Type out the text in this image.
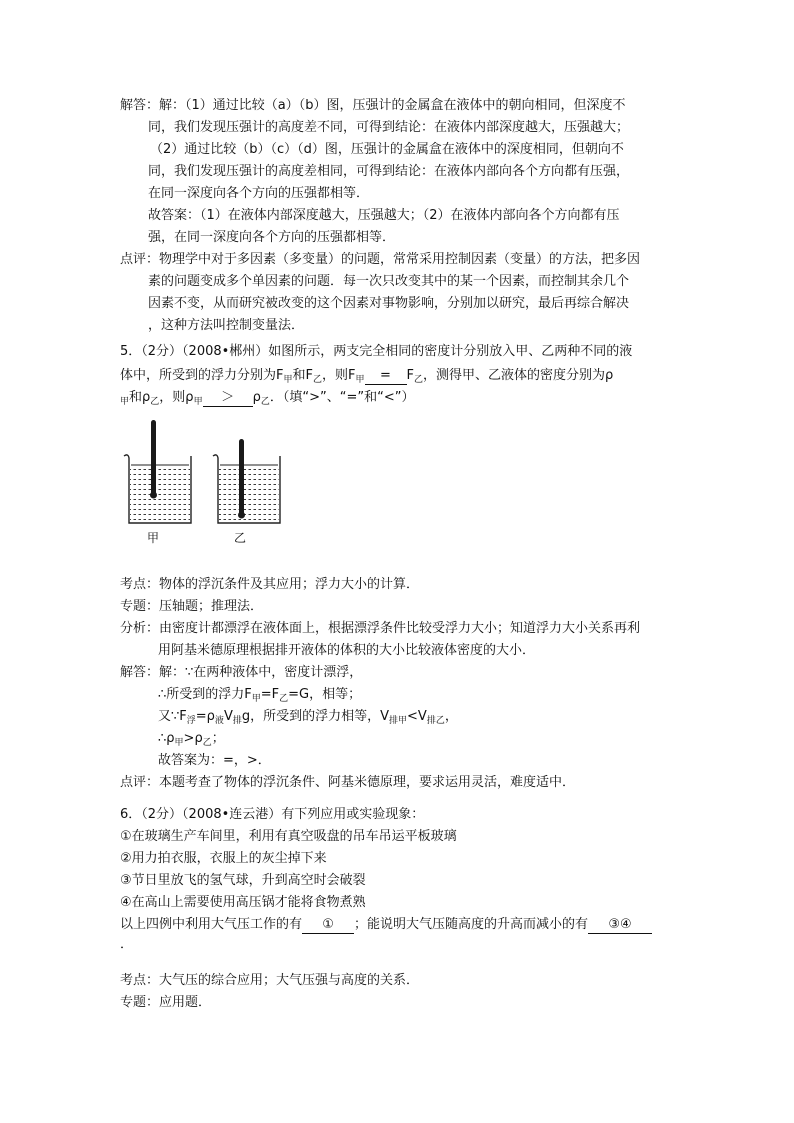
解答：解：（1）通过比较（a）（b）图，压强计的金属盒在液体中的朝向相同，但深度不
同，我们发现压强计的高度差不同，可得到结论：在液体内部深度越大，压强越大；
（2）通过比较（b）（c）（d）图，压强计的金属盒在液体中的深度相同，但朝向不
同，我们发现压强计的高度差相同，可得到结论：在液体内部向各个方向都有压强，
在同一深度向各个方向的压强都相等．
故答案：（1）在液体内部深度越大，压强越大；（2）在液体内部向各个方向都有压
强，在同一深度向各个方向的压强都相等．
点评：物理学中对于多因素（多变量）的问题，常常采用控制因素（变量）的方法，把多因
素的问题变成多个单因素的问题．每一次只改变其中的某一个因素，而控制其余几个
因素不变，从而研究被改变的这个因素对事物影响，分别加以研究，最后再综合解决
，这种方法叫控制变量法．
5．（2分）（2008•郴州）如图所示，两支完全相同的密度计分别放入甲、乙两种不同的液
体中，所受到的浮力分别为$F_甲$和$F_乙$，则$F_甲 = F_乙$，测得甲、乙液体的密度分别为ρ
$_甲$和$\rho_乙$，则$\rho_甲 > \rho_乙$．（填“>”、“=”和“<”）
甲	乙
考点：物体的浮沉条件及其应用；浮力大小的计算．
专题：压轴题；推理法．
分析：由密度计都漂浮在液体面上，根据漂浮条件比较受浮力大小；知道浮力大小关系再利
用阿基米德原理根据排开液体的体积的大小比较液体密度的大小．
解答：解：∵在两种液体中，密度计漂浮，
∴所受到的浮力$F_甲=F_乙=G$，相等；
又$\because F_浮=\rho_液V_排g$，所受到的浮力相等，$V_{排甲}<V_{排乙}$，
$\therefore\rho_甲>\rho_乙$；
故答案为：=，>．
点评：本题考查了物体的浮沉条件、阿基米德原理，要求运用灵活，难度适中．
6．（2分）（2008•连云港）有下列应用或实验现象：
①在玻璃生产车间里，利用有真空吸盘的吊车吊运平板玻璃
②用力拍衣服，衣服上的灰尘掉下来
③节日里放飞的氢气球，升到高空时会破裂
④在高山上需要使用高压锅才能将食物煮熟
以上四例中利用大气压工作的有 ① ；能说明大气压随高度的升高而减小的有 ③④
．
考点：大气压的综合应用；大气压强与高度的关系．
专题：应用题．
